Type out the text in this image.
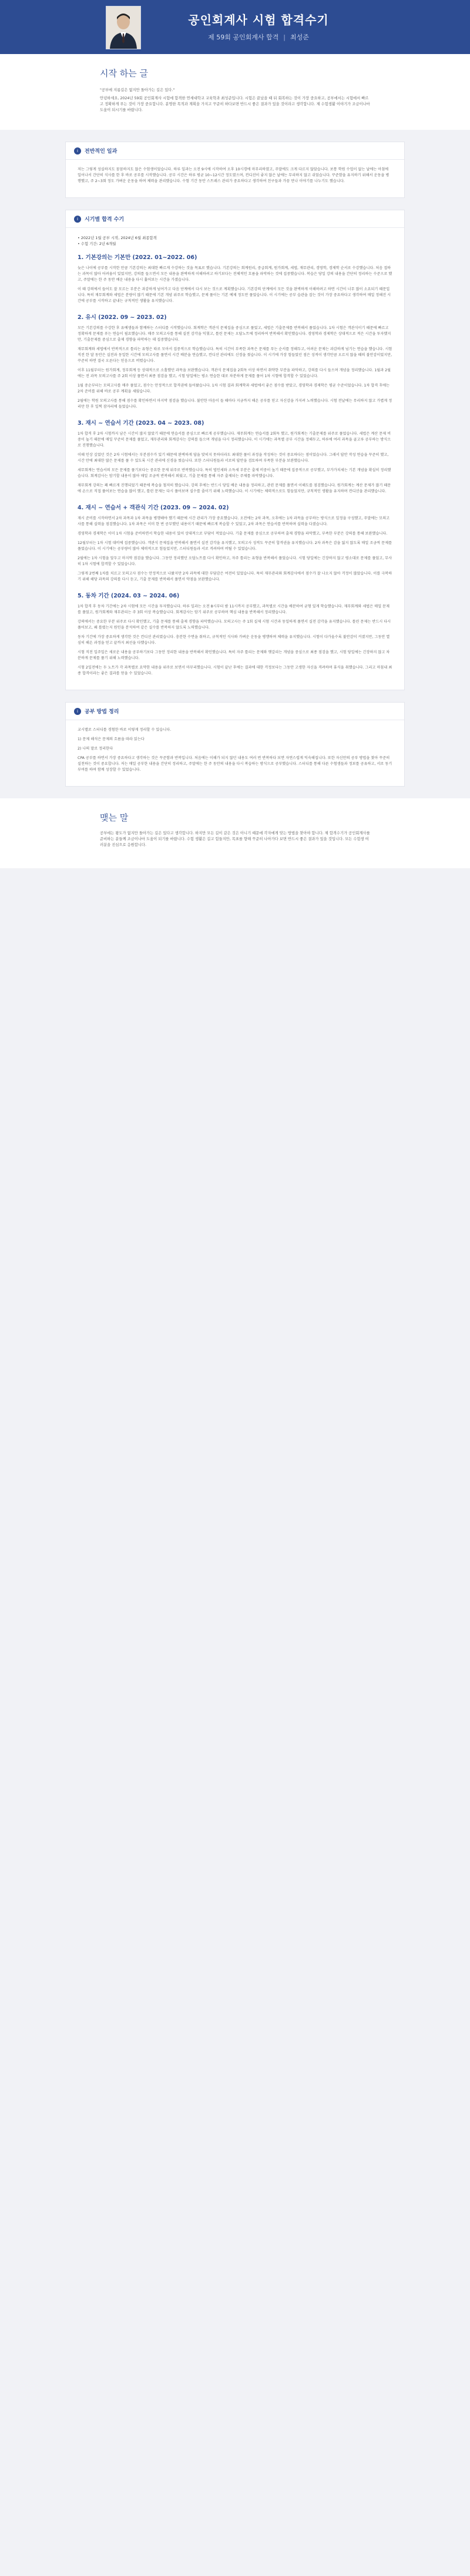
공인회계사 시험 합격수기
제 59회 공인회계사 합격 | 최성준
시작 하는 글

"공부에 지름길은 없지만 돌아가는 길은 있다."

안녕하세요, 2024년 59회 공인회계사 시험에 합격한 연세대학교 교육학과 최성준입니다. 시험은 끝났을 때 뒤 회복하는 것이 가장 중요하고, 공부에서는 시험에서 빠르고 정확하게 푸는 것이 가장 중요합니다. 분명한 목적과 계획을 가지고 꾸준히 하다보면 반드시 좋은 결과가 있을 것이라고 생각합니다. 제 수험생활 이야기가 조금이나마 도움이 되시기를 바랍니다.

i	전반적인 일과

저는 그렇게 성실하지도 꼼꼼하지도 않은 수험생이었습니다. 하루 일과는 오전 9시에 시작하여 오후 10시경에 마무리하였고, 주말에도 크게 다르지 않았습니다. 보통 학원 수업이 없는 날에는 아침에 일어나서 간단히 식사를 한 후 바로 공부를 시작했습니다. 공부 시간은 하루 평균 10~12시간 정도였으며, 컨디션이 좋지 않은 날에는 무리하지 않고 쉬었습니다. 꾸준함을 유지하기 위해서 운동을 병행했고, 주 2~3회 정도 가벼운 운동을 하며 체력을 관리했습니다. 수험 기간 동안 스트레스 관리가 중요하다고 생각하여 친구들과 가끔 만나 이야기를 나누기도 했습니다.

i	시기별 합격 수기
• 2022년 1월 공부 시작, 2024년 6월 최종합격
• 수험 기간: 2년 6개월
1. 기본강의는 기본만 (2022. 01~2022. 06)

늦은 나이에 공부를 시작한 만큼 기본강의는 최대한 빠르게 수강하는 것을 목표로 했습니다. 기본강의는 회계원리, 중급회계, 원가회계, 세법, 재무관리, 경영학, 경제학 순서로 수강했습니다. 처음 접하는 과목이 많아 어려움이 있었지만, 강의를 들으면서 모든 내용을 완벽하게 이해하려고 하기보다는 전체적인 흐름을 파악하는 것에 집중했습니다. 복습은 당일 강의 내용을 간단히 정리하는 수준으로 했고, 주말에는 한 주 동안 배운 내용을 다시 훑어보는 시간을 가졌습니다.

이 때 강의에서 들어도 잘 모르는 부분은 과감하게 넘어가고 다음 단계에서 다시 보는 것으로 계획했습니다. 기본강의 단계에서 모든 것을 완벽하게 이해하려고 하면 시간이 너무 많이 소요되기 때문입니다. 특히 재무회계와 세법은 분량이 많기 때문에 기본 개념 위주로 학습했고, 문제 풀이는 기본 예제 정도만 풀었습니다. 이 시기에는 공부 습관을 잡는 것이 가장 중요하다고 생각하여 매일 정해진 시간에 공부를 시작하고 끝내는 규칙적인 생활을 유지했습니다.

2. 유시 (2022. 09 ~ 2023. 02)

모든 기본강의를 수강한 후 유예생들과 함께하는 스터디를 시작했습니다. 회계학은 객관식 문제집을 중심으로 풀었고, 세법은 기출문제를 반복해서 풀었습니다. 1차 시험은 객관식이기 때문에 빠르고 정확하게 문제를 푸는 연습이 필요했습니다. 매주 모의고사를 통해 실전 감각을 익혔고, 틀린 문제는 오답노트에 정리하여 반복해서 확인했습니다. 경영학과 경제학은 상대적으로 적은 시간을 투자했지만, 기출문제를 중심으로 출제 경향을 파악하는 데 집중했습니다.

재무회계와 세법에서 반복적으로 틀리는 유형은 따로 모아서 집중적으로 학습했습니다. 특히 시간이 부족한 과목은 문제를 푸는 순서를 정해두고, 어려운 문제는 과감하게 넘기는 연습을 했습니다. 시험 직전 한 달 동안은 실전과 동일한 시간에 모의고사를 풀면서 시간 배분을 연습했고, 컨디션 관리에도 신경을 썼습니다. 이 시기에 가장 힘들었던 점은 성적이 생각만큼 오르지 않을 때의 불안감이었지만, 꾸준히 하면 결국 오른다는 믿음으로 버텼습니다.

이후 11월부터는 원가회계, 정부회계 등 상대적으로 소홀했던 과목을 보완했습니다. 객관식 문제집을 2회독 이상 하면서 취약한 부분을 파악하고, 강의를 다시 들으며 개념을 정리했습니다. 1월과 2월에는 전 과목 모의고사를 주 2회 이상 풀면서 최종 점검을 했고, 시험 당일에는 평소 연습한 대로 차분하게 문제를 풀어 1차 시험에 합격할 수 있었습니다.

1월 중순부터는 모의고사를 매주 풀었고, 점수는 안정적으로 합격권에 들어왔습니다. 1차 시험 결과 회계학과 세법에서 좋은 점수를 받았고, 경영학과 경제학은 평균 수준이었습니다. 1차 합격 후에는 2차 준비를 위해 바로 공부 계획을 세웠습니다.

2월에는 학원 모의고사를 통해 점수를 확인하면서 마지막 점검을 했습니다. 불안한 마음이 들 때마다 지금까지 해온 공부를 믿고 자신감을 가지려 노력했습니다. 시험 전날에는 무리하지 않고 가볍게 정리만 한 후 일찍 잠자리에 들었습니다.

3. 재시 ~ 연습서 기간 (2023. 04 ~ 2023. 08)

1차 합격 후 2차 시험까지 남은 시간이 많지 않았기 때문에 연습서를 중심으로 빠르게 공부했습니다. 재무회계는 연습서를 2회독 했고, 원가회계는 기출문제를 위주로 풀었습니다. 세법은 계산 문제 비중이 높기 때문에 매일 꾸준히 문제를 풀었고, 재무관리와 회계감사는 강의를 들으며 개념을 다시 정리했습니다. 이 시기에는 과목별 공부 시간을 정해두고, 하루에 여러 과목을 골고루 공부하는 방식으로 진행했습니다.

이때 인상 깊었던 것은 2차 시험에서는 부분점수가 있기 때문에 완벽하게 답을 맞히지 못하더라도 최대한 풀이 과정을 작성하는 것이 중요하다는 점이었습니다. 그래서 답안 작성 연습을 꾸준히 했고, 시간 안에 최대한 많은 문제를 풀 수 있도록 시간 관리에 신경을 썼습니다. 또한 스터디원들과 서로의 답안을 검토하며 부족한 부분을 보완했습니다.

세무회계는 연습서의 모든 문제를 풀기보다는 중요한 문제 위주로 반복했습니다. 특히 법인세와 소득세 부분은 출제 비중이 높기 때문에 집중적으로 공부했고, 부가가치세는 기본 개념을 확실히 정리했습니다. 회계감사는 암기할 내용이 많아 매일 조금씩 반복해서 외웠고, 기출 문제를 통해 자주 출제되는 주제를 파악했습니다.

재무회계 강의는 꽤 빠르게 진행되었기 때문에 복습을 철저히 했습니다. 강의 후에는 반드시 당일 배운 내용을 정리하고, 관련 문제를 풀면서 이해도를 점검했습니다. 원가회계는 계산 문제가 많기 때문에 손으로 직접 풀어보는 연습을 많이 했고, 틀린 문제는 다시 풀어보며 실수를 줄이기 위해 노력했습니다. 이 시기에는 체력적으로도 힘들었지만, 규칙적인 생활을 유지하며 컨디션을 관리했습니다.

4. 재시 ~ 연습서 + 객관식 기간 (2023. 09 ~ 2024. 02)

재시 준비를 시작하면서 2차 과목과 1차 과목을 병행해야 했기 때문에 시간 관리가 가장 중요했습니다. 오전에는 2차 과목, 오후에는 1차 과목을 공부하는 방식으로 일정을 구성했고, 주말에는 모의고사를 통해 실력을 점검했습니다. 1차 과목은 이미 한 번 공부했던 내용이기 때문에 빠르게 복습할 수 있었고, 2차 과목은 연습서를 반복하며 실력을 다졌습니다.

경영학과 경제학은 이미 1차 시험을 준비하면서 학습한 내용이 있어 상대적으로 부담이 적었습니다. 기출 문제를 중심으로 공부하며 출제 경향을 파악했고, 부족한 부분은 강의를 통해 보완했습니다.

12월부터는 1차 시험 대비에 집중했습니다. 객관식 문제집을 반복해서 풀면서 실전 감각을 유지했고, 모의고사 성적도 꾸준히 합격권을 유지했습니다. 2차 과목은 감을 잃지 않도록 매일 조금씩 문제를 풀었습니다. 이 시기에는 공부량이 많아 체력적으로 힘들었지만, 스터디원들과 서로 격려하며 버틸 수 있었습니다.

2월에는 1차 시험을 앞두고 마지막 점검을 했습니다. 그동안 정리했던 오답노트를 다시 확인하고, 자주 틀리는 유형을 반복해서 풀었습니다. 시험 당일에는 긴장하지 않고 평소대로 문제를 풀었고, 무사히 1차 시험에 합격할 수 있었습니다.

그렇게 2번째 1차를 치르고 모의고사 점수는 안정적으로 나왔지만 2차 과목에 대한 부담감은 여전히 있었습니다. 특히 재무관리와 회계감사에서 점수가 잘 나오지 않아 걱정이 많았습니다. 이를 극복하기 위해 해당 과목의 강의를 다시 듣고, 기출 문제를 반복해서 풀면서 약점을 보완했습니다.

5. 동차 기간 (2024. 03 ~ 2024. 06)

1차 합격 후 동차 기간에는 2차 시험에 모든 시간을 투자했습니다. 하루 일과는 오전 8시부터 밤 11시까지 공부했고, 과목별로 시간을 배분하여 균형 있게 학습했습니다. 재무회계와 세법은 매일 문제를 풀었고, 원가회계와 재무관리는 주 3회 이상 복습했습니다. 회계감사는 암기 위주로 공부하며 핵심 내용을 반복해서 정리했습니다.

강의에서는 중요한 부분 위주로 다시 확인했고, 기출 문제를 통해 출제 경향을 파악했습니다. 모의고사는 주 1회 실제 시험 시간과 동일하게 풀면서 실전 감각을 유지했습니다. 틀린 문제는 반드시 다시 풀어보고, 왜 틀렸는지 원인을 분석하여 같은 실수를 반복하지 않도록 노력했습니다.

동차 기간에 가장 중요하게 생각한 것은 컨디션 관리였습니다. 충분한 수면을 취하고, 규칙적인 식사와 가벼운 운동을 병행하며 체력을 유지했습니다. 시험이 다가올수록 불안감이 커졌지만, 그동안 열심히 해온 과정을 믿고 끝까지 최선을 다했습니다.

시험 직전 일주일은 새로운 내용을 공부하기보다 그동안 정리한 내용을 반복해서 확인했습니다. 특히 자주 틀리는 문제와 헷갈리는 개념을 중심으로 최종 점검을 했고, 시험 당일에는 긴장하지 않고 차분하게 문제를 풀기 위해 노력했습니다.

시험 2일전에는 두 노트가 각 과목별로 요약한 내용을 위주로 보면서 마무리했습니다. 시험이 끝난 후에는 결과에 대한 걱정보다는 그동안 고생한 자신을 격려하며 휴식을 취했습니다. 그리고 마침내 최종 합격이라는 좋은 결과를 얻을 수 있었습니다.

i	공부 방법 정리

교시별로 스터디를 경험한 바로 이렇게 정리할 수 있습니다.

1) 문제 해석은 문제의 흐름을 따라 읽는다

2) 나의 말로 정리한다

CPA 공부를 하면서 가장 중요하다고 생각하는 것은 꾸준함과 반복입니다. 처음에는 이해가 되지 않던 내용도 여러 번 반복하다 보면 자연스럽게 익숙해집니다. 또한 자신만의 공부 방법을 찾아 꾸준히 실천하는 것이 중요합니다. 저는 매일 공부한 내용을 간단히 정리하고, 주말에는 한 주 동안의 내용을 다시 복습하는 방식으로 공부했습니다. 스터디를 통해 다른 수험생들과 정보를 공유하고, 서로 동기부여를 하며 함께 성장할 수 있었습니다.

맺는 말

공부에는 왕도가 없지만 돌아가는 길은 있다고 생각합니다. 하지만 모든 길이 같은 것은 아니기 때문에 각자에게 맞는 방법을 찾아야 합니다. 제 합격수기가 공인회계사를 준비하는 분들께 조금이나마 도움이 되기를 바랍니다. 수험 생활은 길고 힘들지만, 목표를 향해 꾸준히 나아가다 보면 반드시 좋은 결과가 있을 것입니다. 모든 수험생 여러분을 진심으로 응원합니다.
